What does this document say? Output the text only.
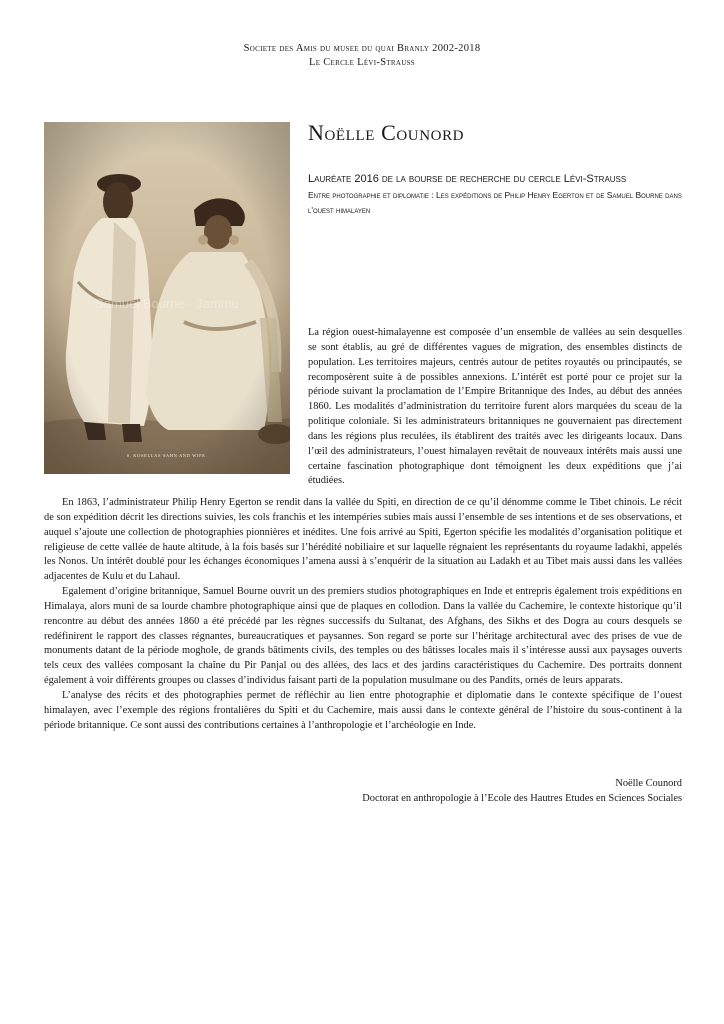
Societe des Amis du musee du quai Branly 2002-2018
Le Cercle Lévi-Strauss
Samuel Bourne · Jammu
S. KOSELLAS SAHN AND WIFE.
Noëlle Counord
Lauréate 2016 de la bourse de recherche du cercle Lévi-Strauss
Entre photographie et diplomatie : Les expéditions de Philip Henry Egerton et de Samuel Bourne dans l'ouest himalayen
La région ouest-himalayenne est composée d’un ensemble de vallées au sein desquelles se sont établis, au gré de différentes vagues de migration, des ensembles distincts de population. Les territoires majeurs, centrés autour de petites royautés ou principautés, se recomposèrent suite à de possibles annexions. L’intérêt est porté pour ce projet sur la période suivant la proclamation de l’Empire Britannique des Indes, au début des années 1860. Les modalités d’administration du territoire furent alors marquées du sceau de la politique coloniale. Si les administrateurs britanniques ne gouvernaient pas directement dans les régions plus reculées, ils établirent des traités avec les dirigeants locaux. Dans l’œil des administrateurs, l’ouest himalayen revêtait de nouveaux intérêts mais aussi une certaine fascination photographique dont témoignent les deux expéditions que j’ai étudiées.

En 1863, l’administrateur Philip Henry Egerton se rendit dans la vallée du Spiti, en direction de ce qu’il dénomme comme le Tibet chinois. Le récit de son expédition décrit les directions suivies, les cols franchis et les intempéries subies mais aussi l’ensemble de ses intentions et de ses observations, et auquel s’ajoute une collection de photographies pionnières et inédites. Une fois arrivé au Spiti, Egerton spécifie les modalités d’organisation politique et religieuse de cette vallée de haute altitude, à la fois basés sur l’hérédité nobiliaire et sur laquelle régnaient les représentants du royaume ladakhi, appelés les Nonos. Un intérêt doublé pour les échanges économiques l’amena aussi à s’enquérir de la situation au Ladakh et au Tibet mais aussi dans les vallées adjacentes de Kulu et du Lahaul.

Egalement d’origine britannique, Samuel Bourne ouvrit un des premiers studios photographiques en Inde et entrepris également trois expéditions en Himalaya, alors muni de sa lourde chambre photographique ainsi que de plaques en collodion. Dans la vallée du Cachemire, le contexte historique qu’il rencontre au début des années 1860 a été précédé par les règnes successifs du Sultanat, des Afghans, des Sikhs et des Dogra au cours desquels se redéfinirent le rapport des classes régnantes, bureaucratiques et paysannes. Son regard se porte sur l’héritage architectural avec des prises de vue de monuments datant de la période moghole, de grands bâtiments civils, des temples ou des bâtisses locales mais il s’intéresse aussi aux paysages ouverts tels ceux des vallées composant la chaîne du Pir Panjal ou des allées, des lacs et des jardins caractéristiques du Cachemire. Des portraits donnent également à voir différents groupes ou classes d’individus faisant parti de la population musulmane ou des Pandits, ornés de leurs apparats.

L’analyse des récits et des photographies permet de réfléchir au lien entre photographie et diplomatie dans le contexte spécifique de l’ouest himalayen, avec l’exemple des régions frontalières du Spiti et du Cachemire, mais aussi dans le contexte général de l’histoire du sous-continent à la période britannique. Ce sont aussi des contributions certaines à l’anthropologie et l’archéologie en Inde.

Noëlle Counord
Doctorat en anthropologie à l’Ecole des Hautres Etudes en Sciences Sociales
